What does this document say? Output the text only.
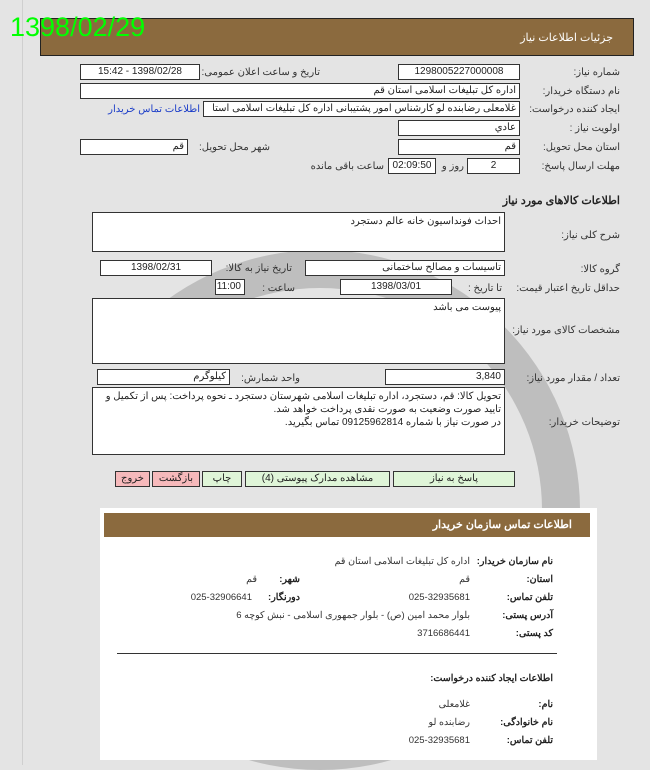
جزئیات اطلاعات نیاز
1398/02/29
شماره نیاز:
1298005227000008
تاریخ و ساعت اعلان عمومی:
1398/02/28 - 15:42
نام دستگاه خریدار:
اداره کل تبلیغات اسلامی استان قم
ایجاد کننده درخواست:
غلامعلی رضابنده لو کارشناس امور پشتیبانی اداره کل تبلیغات اسلامی استا
اطلاعات تماس خریدار
اولویت نیاز :
عادي
استان محل تحویل:
قم
شهر محل تحویل:
قم
مهلت ارسال پاسخ:
2
روز و
02:09:50
ساعت باقی مانده
اطلاعات کالاهای مورد نیاز
شرح کلی نیاز:
احداث فونداسیون خانه عالم دستجرد
گروه کالا:
تاسیسات و مصالح ساختمانی
تاریخ نیاز به کالا:
1398/02/31
حداقل تاریخ اعتبار قیمت:
تا تاریخ :
1398/03/01
ساعت :
11:00
مشخصات کالای مورد نیاز:
پیوست می باشد
تعداد / مقدار مورد نیاز:
3,840
واحد شمارش:
کیلوگرم
توضیحات خریدار:
تحویل کالا: قم، دستجرد، اداره تبلیغات اسلامی شهرستان دستجرد ـ نحوه پرداخت: پس از تکمیل و تایید صورت وضعیت به صورت نقدی پرداخت خواهد شد.
در صورت نیاز با شماره 09125962814 تماس بگیرید.
پاسخ به نیاز
مشاهده مدارک پیوستی (4)
چاپ
بازگشت
خروج
اطلاعات تماس سازمان خریدار
نام سازمان خریدار:
اداره کل تبلیغات اسلامی استان قم
استان:
قم
شهر:
قم
تلفن تماس:
025-32935681
دورنگار:
025-32906641
آدرس پستی:
بلوار محمد امین (ص) - بلوار جمهوری اسلامی - نبش کوچه 6
کد پستی:
3716686441
اطلاعات ایجاد کننده درخواست:
نام:
غلامعلی
نام خانوادگی:
رضابنده لو
تلفن تماس:
025-32935681
